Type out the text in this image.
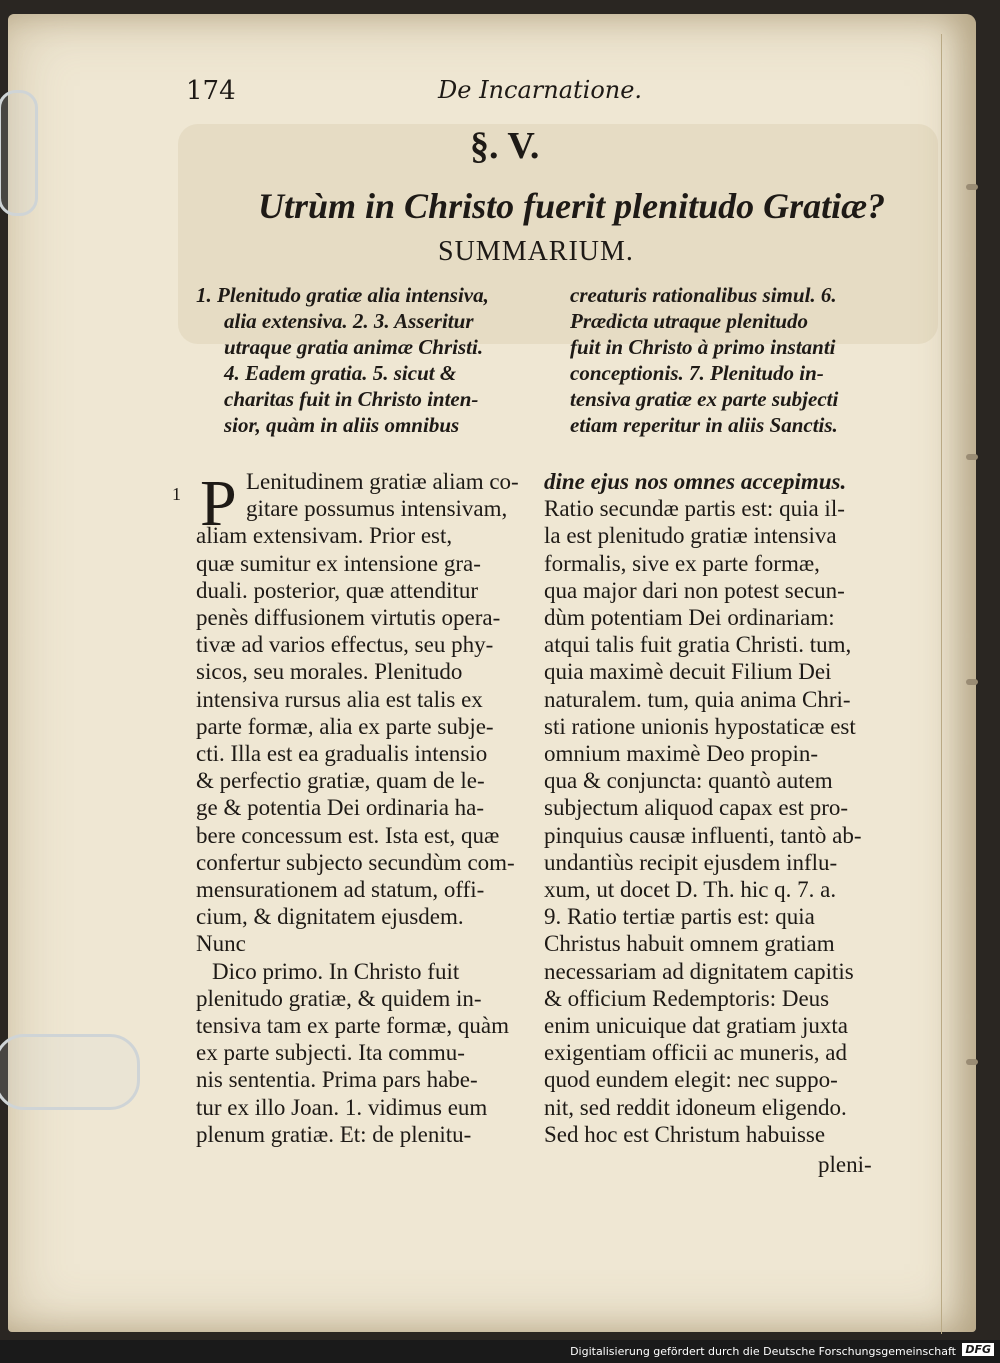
174	De Incarnatione.
§. V.
Utrùm in Christo fuerit plenitudo Gratiæ?
SUMMARIUM.
1. Plenitudo gratiæ alia intensiva,
alia extensiva. 2. 3. Asseritur
utraque gratia animæ Christi.
4. Eadem gratia. 5. sicut &
charitas fuit in Christo inten-
sior, quàm in aliis omnibus
creaturis rationalibus simul. 6.
Prædicta utraque plenitudo
fuit in Christo à primo instanti
conceptionis. 7. Plenitudo in-
tensiva gratiæ ex parte subjecti
etiam reperitur in aliis Sanctis.
1 P Lenitudinem gratiæ aliam co-
gitare possumus intensivam,
aliam extensivam. Prior est,
quæ sumitur ex intensione gra-
duali. posterior, quæ attenditur
penès diffusionem virtutis opera-
tivæ ad varios effectus, seu phy-
sicos, seu morales. Plenitudo
intensiva rursus alia est talis ex
parte formæ, alia ex parte subje-
cti. Illa est ea gradualis intensio
& perfectio gratiæ, quam de le-
ge & potentia Dei ordinaria ha-
bere concessum est. Ista est, quæ
confertur subjecto secundùm com-
mensurationem ad statum, offi-
cium, & dignitatem ejusdem.
Nunc
Dico primo. In Christo fuit
plenitudo gratiæ, & quidem in-
tensiva tam ex parte formæ, quàm
ex parte subjecti. Ita commu-
nis sententia. Prima pars habe-
tur ex illo Joan. 1. vidimus eum
plenum gratiæ. Et: de plenitu-
dine ejus nos omnes accepimus.
Ratio secundæ partis est: quia il-
la est plenitudo gratiæ intensiva
formalis, sive ex parte formæ,
qua major dari non potest secun-
dùm potentiam Dei ordinariam:
atqui talis fuit gratia Christi. tum,
quia maximè decuit Filium Dei
naturalem. tum, quia anima Chri-
sti ratione unionis hypostaticæ est
omnium maximè Deo propin-
qua & conjuncta: quantò autem
subjectum aliquod capax est pro-
pinquius causæ influenti, tantò ab-
undantiùs recipit ejusdem influ-
xum, ut docet D. Th. hic q. 7. a.
9. Ratio tertiæ partis est: quia
Christus habuit omnem gratiam
necessariam ad dignitatem capitis
& officium Redemptoris: Deus
enim unicuique dat gratiam juxta
exigentiam officii ac muneris, ad
quod eundem elegit: nec suppo-
nit, sed reddit idoneum eligendo.
Sed hoc est Christum habuisse
pleni-
Digitalisierung gefördert durch die Deutsche Forschungsgemeinschaft DFG
